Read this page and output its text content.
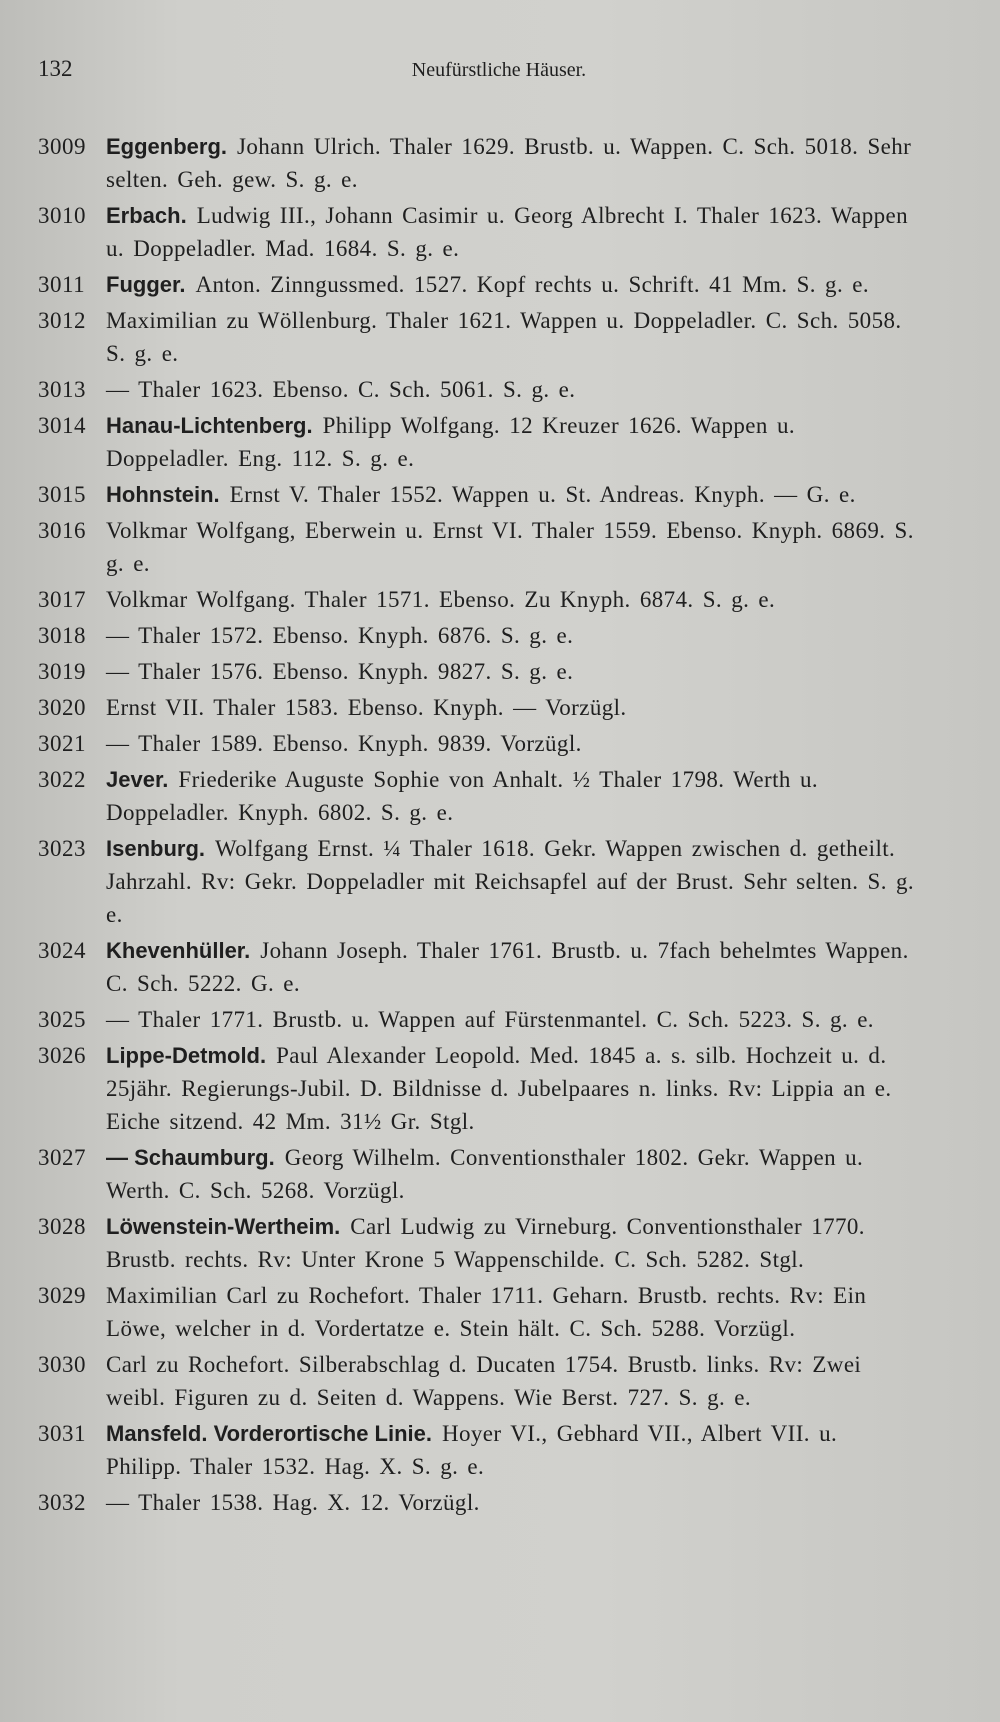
132	Neufürstliche Häuser.
3009 Eggenberg. Johann Ulrich. Thaler 1629. Brustb. u. Wappen. C. Sch. 5018. Sehr selten. Geh. gew. S. g. e.
3010 Erbach. Ludwig III., Johann Casimir u. Georg Albrecht I. Thaler 1623. Wappen u. Doppeladler. Mad. 1684. S. g. e.
3011 Fugger. Anton. Zinngussmed. 1527. Kopf rechts u. Schrift. 41 Mm. S. g. e.
3012 Maximilian zu Wöllenburg. Thaler 1621. Wappen u. Doppeladler. C. Sch. 5058. S. g. e.
3013 — Thaler 1623. Ebenso. C. Sch. 5061. S. g. e.
3014 Hanau-Lichtenberg. Philipp Wolfgang. 12 Kreuzer 1626. Wappen u. Doppeladler. Eng. 112. S. g. e.
3015 Hohnstein. Ernst V. Thaler 1552. Wappen u. St. Andreas. Knyph. — G. e.
3016 Volkmar Wolfgang, Eberwein u. Ernst VI. Thaler 1559. Ebenso. Knyph. 6869. S. g. e.
3017 Volkmar Wolfgang. Thaler 1571. Ebenso. Zu Knyph. 6874. S. g. e.
3018 — Thaler 1572. Ebenso. Knyph. 6876. S. g. e.
3019 — Thaler 1576. Ebenso. Knyph. 9827. S. g. e.
3020 Ernst VII. Thaler 1583. Ebenso. Knyph. — Vorzügl.
3021 — Thaler 1589. Ebenso. Knyph. 9839. Vorzügl.
3022 Jever. Friederike Auguste Sophie von Anhalt. ½ Thaler 1798. Werth u. Doppeladler. Knyph. 6802. S. g. e.
3023 Isenburg. Wolfgang Ernst. ¼ Thaler 1618. Gekr. Wappen zwischen d. getheilt. Jahrzahl. Rv: Gekr. Doppeladler mit Reichsapfel auf der Brust. Sehr selten. S. g. e.
3024 Khevenhüller. Johann Joseph. Thaler 1761. Brustb. u. 7fach behelmtes Wappen. C. Sch. 5222. G. e.
3025 — Thaler 1771. Brustb. u. Wappen auf Fürstenmantel. C. Sch. 5223. S. g. e.
3026 Lippe-Detmold. Paul Alexander Leopold. Med. 1845 a. s. silb. Hochzeit u. d. 25jähr. Regierungs-Jubil. D. Bildnisse d. Jubelpaares n. links. Rv: Lippia an e. Eiche sitzend. 42 Mm. 31½ Gr. Stgl.
3027 — Schaumburg. Georg Wilhelm. Conventionsthaler 1802. Gekr. Wappen u. Werth. C. Sch. 5268. Vorzügl.
3028 Löwenstein-Wertheim. Carl Ludwig zu Virneburg. Conventionsthaler 1770. Brustb. rechts. Rv: Unter Krone 5 Wappenschilde. C. Sch. 5282. Stgl.
3029 Maximilian Carl zu Rochefort. Thaler 1711. Geharn. Brustb. rechts. Rv: Ein Löwe, welcher in d. Vordertatze e. Stein hält. C. Sch. 5288. Vorzügl.
3030 Carl zu Rochefort. Silberabschlag d. Ducaten 1754. Brustb. links. Rv: Zwei weibl. Figuren zu d. Seiten d. Wappens. Wie Berst. 727. S. g. e.
3031 Mansfeld. Vorderortische Linie. Hoyer VI., Gebhard VII., Albert VII. u. Philipp. Thaler 1532. Hag. X. S. g. e.
3032 — Thaler 1538. Hag. X. 12. Vorzügl.
